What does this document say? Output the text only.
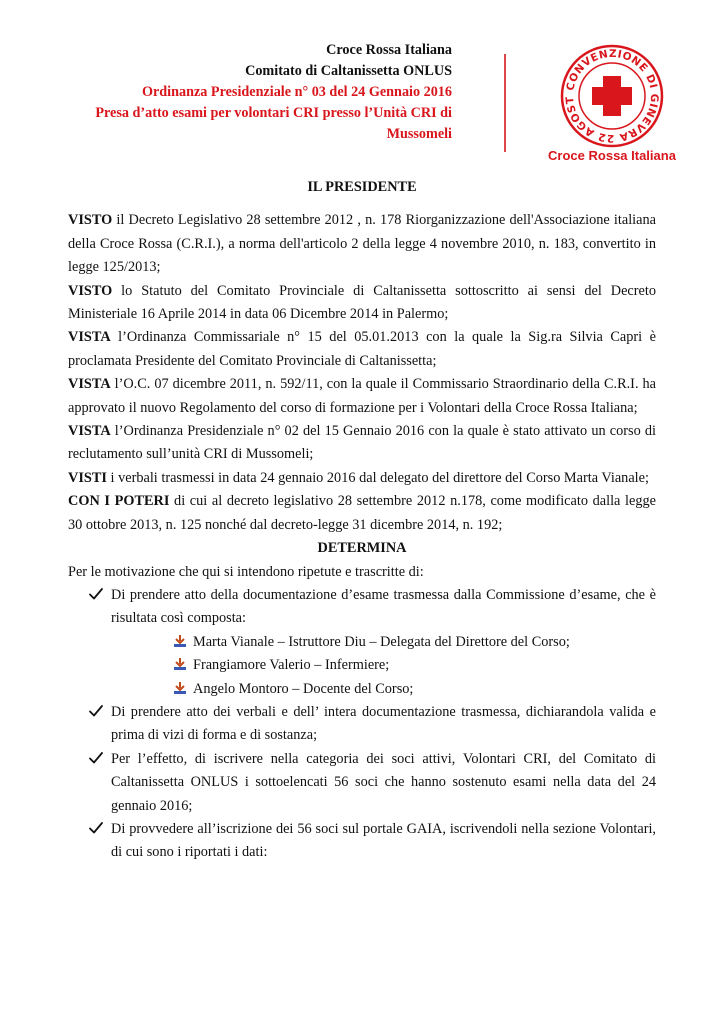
Croce Rossa Italiana
Comitato di Caltanissetta ONLUS
Ordinanza Presidenziale n° 03 del 24 Gennaio 2016
Presa d’atto esami per volontari CRI presso l’Unità CRI di
Mussomeli
CONVENZIONE DI GINEVRA 22 AGOST
Croce Rossa Italiana

IL PRESIDENTE

VISTO il Decreto Legislativo 28 settembre 2012 , n. 178 Riorganizzazione dell'Associazione italiana della Croce Rossa (C.R.I.), a norma dell'articolo 2 della legge 4 novembre 2010, n. 183, convertito in legge 125/2013;

VISTO lo Statuto del Comitato Provinciale di Caltanissetta sottoscritto ai sensi del Decreto Ministeriale 16 Aprile 2014 in data 06 Dicembre 2014 in Palermo;

VISTA l’Ordinanza Commissariale n° 15 del 05.01.2013 con la quale la Sig.ra Silvia Capri è proclamata Presidente del Comitato Provinciale di Caltanissetta;

VISTA l’O.C. 07 dicembre 2011, n. 592/11, con la quale il Commissario Straordinario della C.R.I. ha approvato il nuovo Regolamento del corso di formazione per i Volontari della Croce Rossa Italiana;

VISTA l’Ordinanza Presidenziale n° 02 del 15 Gennaio 2016 con la quale è stato attivato un corso di reclutamento sull’unità CRI di Mussomeli;

VISTI i verbali trasmessi in data 24 gennaio 2016 dal delegato del direttore del Corso Marta Vianale;

CON I POTERI di cui al decreto legislativo 28 settembre 2012 n.178, come modificato dalla legge 30 ottobre 2013, n. 125 nonché dal decreto-legge 31 dicembre 2014, n. 192;

DETERMINA

Per le motivazione che qui si intendono ripetute e trascritte di:

Di prendere atto della documentazione d’esame trasmessa dalla Commissione d’esame, che è risultata così composta:
Marta Vianale – Istruttore Diu – Delegata del Direttore del Corso;
Frangiamore Valerio – Infermiere;
Angelo Montoro – Docente del Corso;
Di prendere atto dei verbali e dell’ intera documentazione trasmessa, dichiarandola valida e prima di vizi di forma e di sostanza;
Per l’effetto, di iscrivere nella categoria dei soci attivi, Volontari CRI, del Comitato di Caltanissetta ONLUS i sottoelencati 56 soci che hanno sostenuto esami nella data del 24 gennaio 2016;
Di provvedere all’iscrizione dei 56 soci sul portale GAIA, iscrivendoli nella sezione Volontari, di cui sono i riportati i dati:
